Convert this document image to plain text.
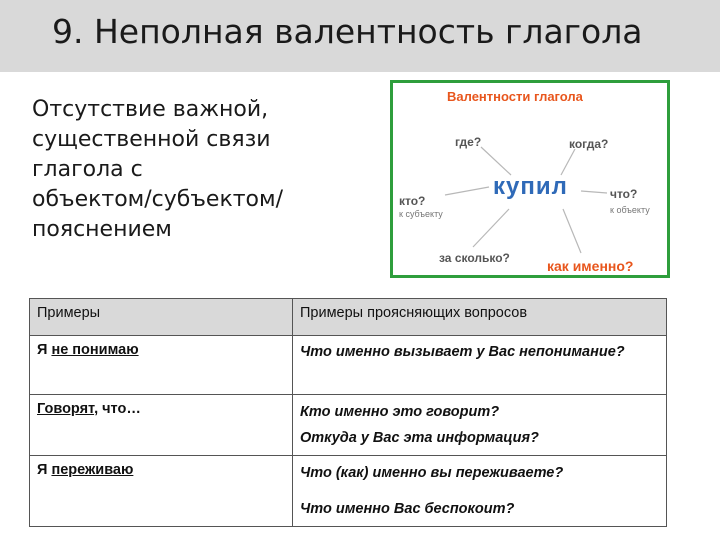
9. Неполная валентность глагола
Отсутствие важной,
существенной связи
глагола с
объектом/субъектом/
пояснением
Валентности глагола
где?	когда?
кто?
к субъекту
купил	что?
к объекту
за сколько?	как именно?
Примеры	Примеры проясняющих вопросов
Я не понимаю	Что именно вызывает у Вас непонимание?

Говорят, что…	Кто именно это говорит?
Откуда у Вас эта информация?

Я переживаю	Что (как) именно вы переживаете?
Что именно Вас беспокоит?
